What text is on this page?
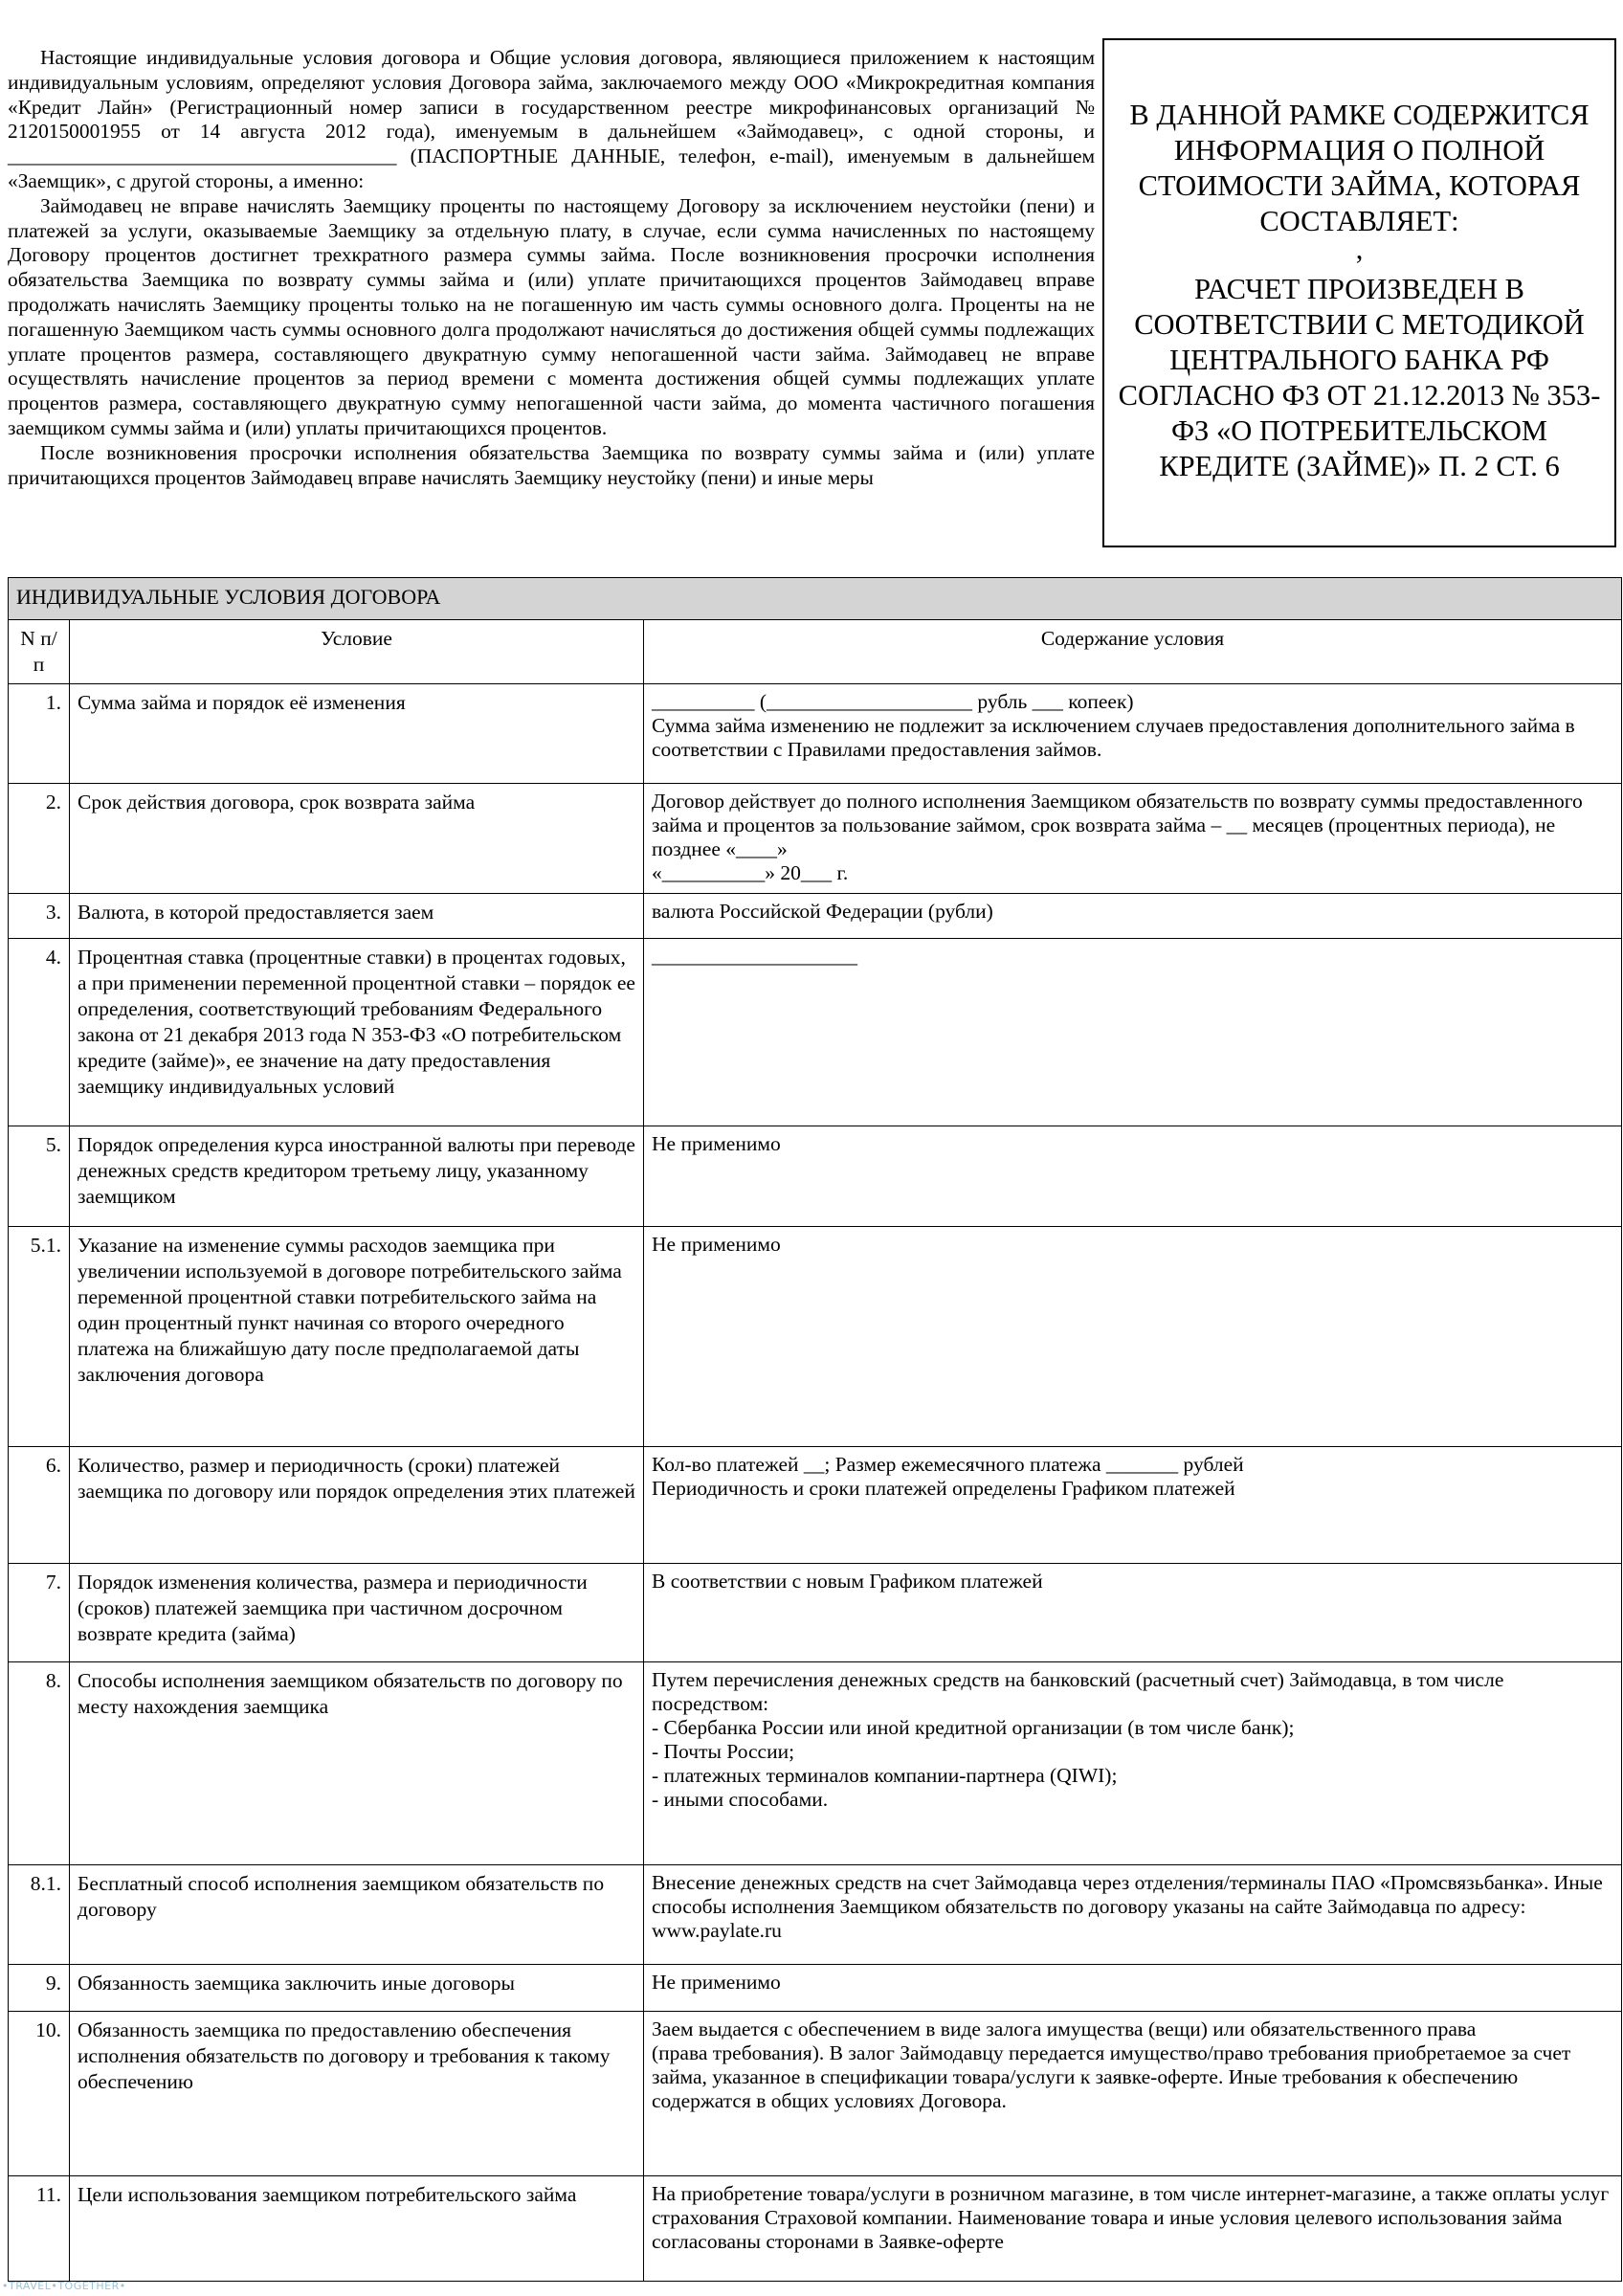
Настоящие индивидуальные условия договора и Общие условия договора, являющиеся приложением к настоящим индивидуальным условиям, определяют условия Договора займа, заключаемого между ООО «Микрокредитная компания «Кредит Лайн» (Регистрационный номер записи в государственном реестре микрофинансовых организаций № 2120150001955 от 14 августа 2012 года), именуемым в дальнейшем «Займодавец», с одной стороны, и ______________________________________ (ПАСПОРТНЫЕ ДАННЫЕ, телефон, e-mail), именуемым в дальнейшем «Заемщик», с другой стороны, а именно:

Займодавец не вправе начислять Заемщику проценты по настоящему Договору за исключением неустойки (пени) и платежей за услуги, оказываемые Заемщику за отдельную плату, в случае, если сумма начисленных по настоящему Договору процентов достигнет трехкратного размера суммы займа. После возникновения просрочки исполнения обязательства Заемщика по возврату суммы займа и (или) уплате причитающихся процентов Займодавец вправе продолжать начислять Заемщику проценты только на не погашенную им часть суммы основного долга. Проценты на не погашенную Заемщиком часть суммы основного долга продолжают начисляться до достижения общей суммы подлежащих уплате процентов размера, составляющего двукратную сумму непогашенной части займа. Займодавец не вправе осуществлять начисление процентов за период времени с момента достижения общей суммы подлежащих уплате процентов размера, составляющего двукратную сумму непогашенной части займа, до момента частичного погашения заемщиком суммы займа и (или) уплаты причитающихся процентов.

После возникновения просрочки исполнения обязательства Заемщика по возврату суммы займа и (или) уплате причитающихся процентов Займодавец вправе начислять Заемщику неустойку (пени) и иные меры

В ДАННОЙ РАМКЕ СОДЕРЖИТСЯ ИНФОРМАЦИЯ О ПОЛНОЙ СТОИМОСТИ ЗАЙМА, КОТОРАЯ СОСТАВЛЯЕТ:
,
РАСЧЕТ ПРОИЗВЕДЕН В СООТВЕТСТВИИ С МЕТОДИКОЙ ЦЕНТРАЛЬНОГО БАНКА РФ СОГЛАСНО ФЗ ОТ 21.12.2013 № 353-ФЗ «О ПОТРЕБИТЕЛЬСКОМ КРЕДИТЕ (ЗАЙМЕ)» П. 2 СТ. 6
ИНДИВИДУАЛЬНЫЕ УСЛОВИЯ ДОГОВОРА		
N п/п	Условие	Содержание условия
1.	Сумма займа и порядок её изменения	__________ (____________________ рубль ___ копеек)
Сумма займа изменению не подлежит за исключением случаев предоставления дополнительного займа в соответствии с Правилами предоставления займов.

2.	Срок действия договора, срок возврата займа	Договор действует до полного исполнения Заемщиком обязательств по возврату суммы предоставленного займа и процентов за пользование займом, срок возврата займа – __ месяцев (процентных периода), не позднее «____»
«__________» 20___ г.

3.	Валюта, в которой предоставляется заем	валюта Российской Федерации (рубли)

4.	Процентная ставка (процентные ставки) в процентах годовых, а при применении переменной процентной ставки – порядок ее определения, соответствующий требованиям Федерального закона от 21 декабря 2013 года N 353-ФЗ «О потребительском кредите (займе)», ее значение на дату предоставления заемщику индивидуальных условий	____________________

5.	Порядок определения курса иностранной валюты при переводе денежных средств кредитором третьему лицу, указанному заемщиком	Не применимо

5.1.	Указание на изменение суммы расходов заемщика при увеличении используемой в договоре потребительского займа переменной процентной ставки потребительского займа на один процентный пункт начиная со второго очередного платежа на ближайшую дату после предполагаемой даты заключения договора	Не применимо

6.	Количество, размер и периодичность (сроки) платежей заемщика по договору или порядок определения этих платежей	Кол-во платежей __; Размер ежемесячного платежа _______ рублей
Периодичность и сроки платежей определены Графиком платежей

7.	Порядок изменения количества, размера и периодичности (сроков) платежей заемщика при частичном досрочном возврате кредита (займа)	В соответствии с новым Графиком платежей

8.	Способы исполнения заемщиком обязательств по договору по месту нахождения заемщика	Путем перечисления денежных средств на банковский (расчетный счет) Займодавца, в том числе посредством:
- Сбербанка России или иной кредитной организации (в том числе банк);
- Почты России;
- платежных терминалов компании-партнера (QIWI);
- иными способами.

8.1.	Бесплатный способ исполнения заемщиком обязательств по договору	Внесение денежных средств на счет Займодавца через отделения/терминалы ПАО «Промсвязьбанка». Иные способы исполнения Заемщиком обязательств по договору указаны на сайте Займодавца по адресу: www.paylate.ru

9.	Обязанность заемщика заключить иные договоры	Не применимо

10.	Обязанность заемщика по предоставлению обеспечения исполнения обязательств по договору и требования к такому обеспечению	Заем выдается с обеспечением в виде залога имущества (вещи) или обязательственного права
(права требования). В залог Займодавцу передается имущество/право требования приобретаемое за счет займа, указанное в спецификации товара/услуги к заявке-оферте. Иные требования к обеспечению содержатся в общих условиях Договора.

11.	Цели использования заемщиком потребительского займа	На приобретение товара/услуги в розничном магазине, в том числе интернет-магазине, а также оплаты услуг страхования Страховой компании. Наименование товара и иные условия целевого использования займа согласованы сторонами в Заявке-оферте
•TRAVEL•TOGETHER•
